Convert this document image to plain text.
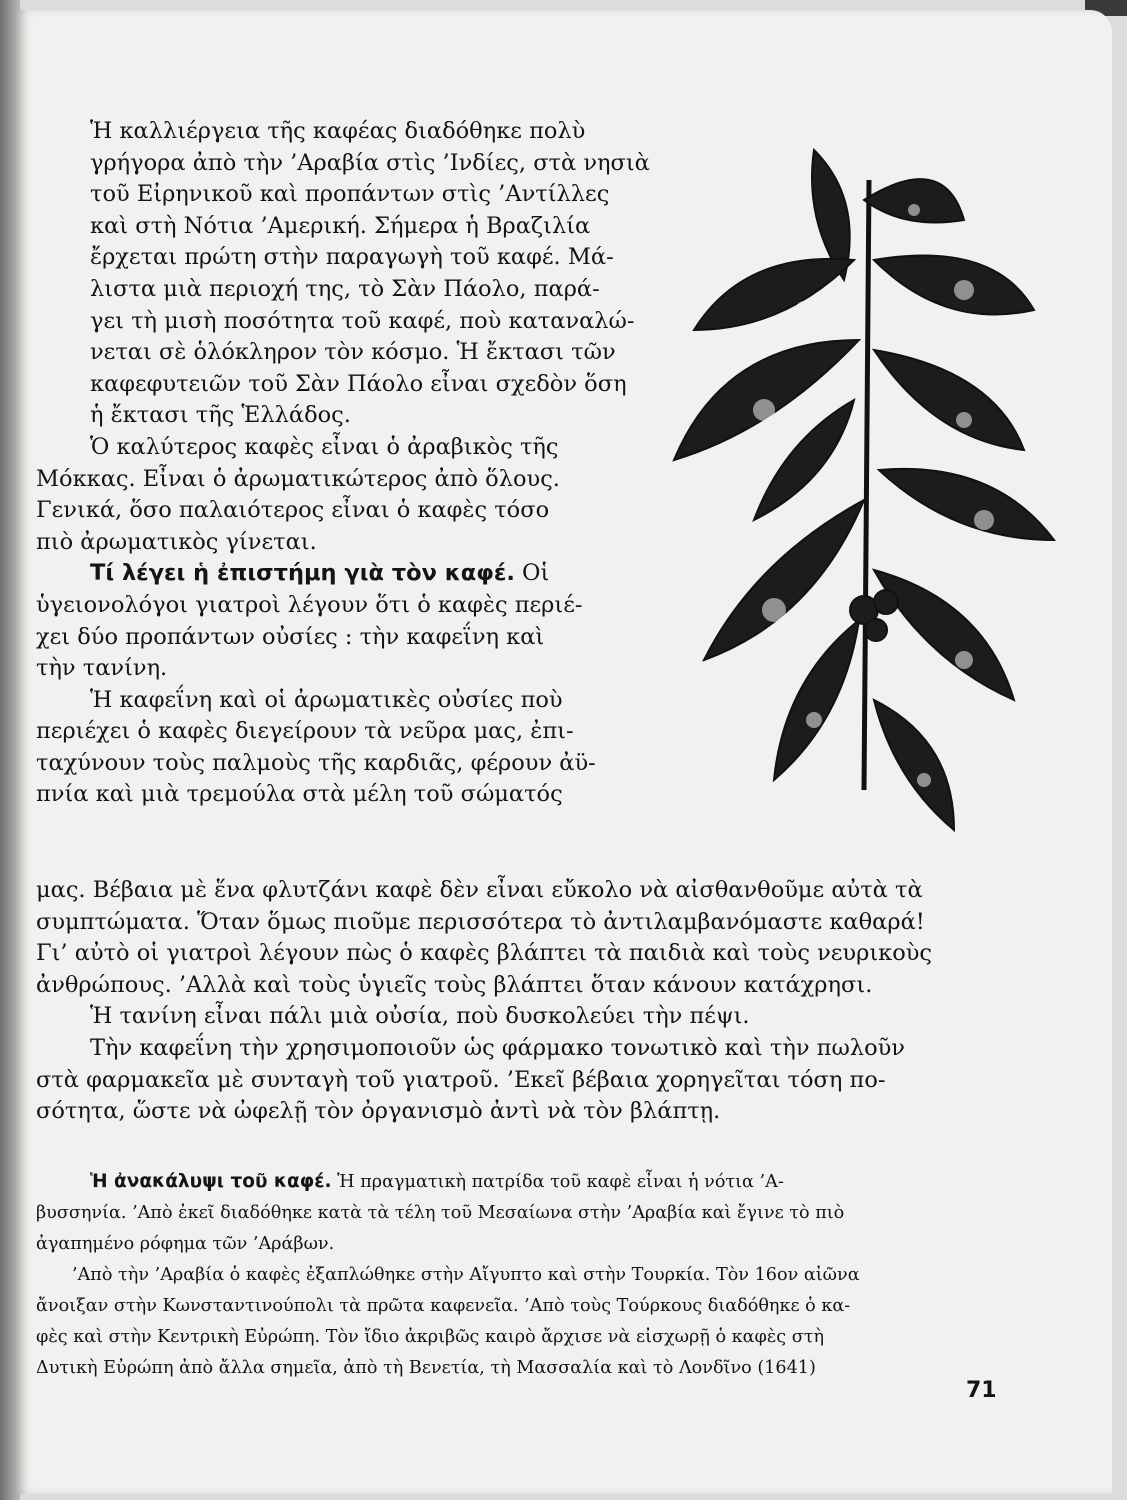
Ἡ καλλιέργεια τῆς καφέας διαδόθηκε πολὺ
γρήγορα ἀπὸ τὴν ’Αραβία στὶς ’Ινδίες, στὰ νησιὰ
τοῦ Εἰρηνικοῦ καὶ προπάντων στὶς ’Αντίλλες
καὶ στὴ Νότια ’Αμερική. Σήμερα ἡ Βραζιλία
ἔρχεται πρώτη στὴν παραγωγὴ τοῦ καφέ. Μά-
λιστα μιὰ περιοχή της, τὸ Σὰν Πάολο, παρά-
γει τὴ μισὴ ποσότητα τοῦ καφέ, ποὺ καταναλώ-
νεται σὲ ὁλόκληρον τὸν κόσμο. Ἡ ἔκτασι τῶν
καφεφυτειῶν τοῦ Σὰν Πάολο εἶναι σχεδὸν ὅση
ἡ ἔκτασι τῆς Ἑλλάδος.

Ὁ καλύτερος καφὲς εἶναι ὁ ἀραβικὸς τῆς
Μόκκας. Εἶναι ὁ ἀρωματικώτερος ἀπὸ ὅλους.
Γενικά, ὅσο παλαιότερος εἶναι ὁ καφὲς τόσο
πιὸ ἀρωματικὸς γίνεται.

Τί λέγει ἡ ἐπιστήμη γιὰ τὸν καφέ. Οἱ
ὑγειονολόγοι γιατροὶ λέγουν ὅτι ὁ καφὲς περιέ-
χει δύο προπάντων οὐσίες : τὴν καφεΐνη καὶ
τὴν τανίνη.

Ἡ καφεΐνη καὶ οἱ ἀρωματικὲς οὐσίες ποὺ
περιέχει ὁ καφὲς διεγείρουν τὰ νεῦρα μας, ἐπι-
ταχύνουν τοὺς παλμοὺς τῆς καρδιᾶς, φέρουν ἀϋ-
πνία καὶ μιὰ τρεμούλα στὰ μέλη τοῦ σώματός

μας. Βέβαια μὲ ἕνα φλυτζάνι καφὲ δὲν εἶναι εὔκολο νὰ αἰσθανθοῦμε αὐτὰ τὰ
συμπτώματα. Ὅταν ὅμως πιοῦμε περισσότερα τὸ ἀντιλαμβανόμαστε καθαρά!
Γι’ αὐτὸ οἱ γιατροὶ λέγουν πὼς ὁ καφὲς βλάπτει τὰ παιδιὰ καὶ τοὺς νευρικοὺς
ἀνθρώπους. ’Αλλὰ καὶ τοὺς ὑγιεῖς τοὺς βλάπτει ὅταν κάνουν κατάχρησι.

Ἡ τανίνη εἶναι πάλι μιὰ οὐσία, ποὺ δυσκολεύει τὴν πέψι.

Τὴν καφεΐνη τὴν χρησιμοποιοῦν ὡς φάρμακο τονωτικὸ καὶ τὴν πωλοῦν
στὰ φαρμακεῖα μὲ συνταγὴ τοῦ γιατροῦ. ’Εκεῖ βέβαια χορηγεῖται τόση πο-
σότητα, ὥστε νὰ ὠφελῇ τὸν ὀργανισμὸ ἀντὶ νὰ τὸν βλάπτῃ.

Ἡ ἀνακάλυψι τοῦ καφέ. Ἡ πραγματικὴ πατρίδα τοῦ καφὲ εἶναι ἡ νότια ’Α-
βυσσηνία. ’Απὸ ἐκεῖ διαδόθηκε κατὰ τὰ τέλη τοῦ Μεσαίωνα στὴν ’Αραβία καὶ ἔγινε τὸ πιὸ
ἀγαπημένο ρόφημα τῶν ’Αράβων.

’Απὸ τὴν ’Αραβία ὁ καφὲς ἐξαπλώθηκε στὴν Αἴγυπτο καὶ στὴν Τουρκία. Τὸν 16ον αἰῶνα
ἄνοιξαν στὴν Κωνσταντινούπολι τὰ πρῶτα καφενεῖα. ’Απὸ τοὺς Τούρκους διαδόθηκε ὁ κα-
φὲς καὶ στὴν Κεντρικὴ Εὐρώπη. Τὸν ἴδιο ἀκριβῶς καιρὸ ἄρχισε νὰ εἰσχωρῇ ὁ καφὲς στὴ
Δυτικὴ Εὐρώπη ἀπὸ ἄλλα σημεῖα, ἀπὸ τὴ Βενετία, τὴ Μασσαλία καὶ τὸ Λονδῖνο (1641)

71
